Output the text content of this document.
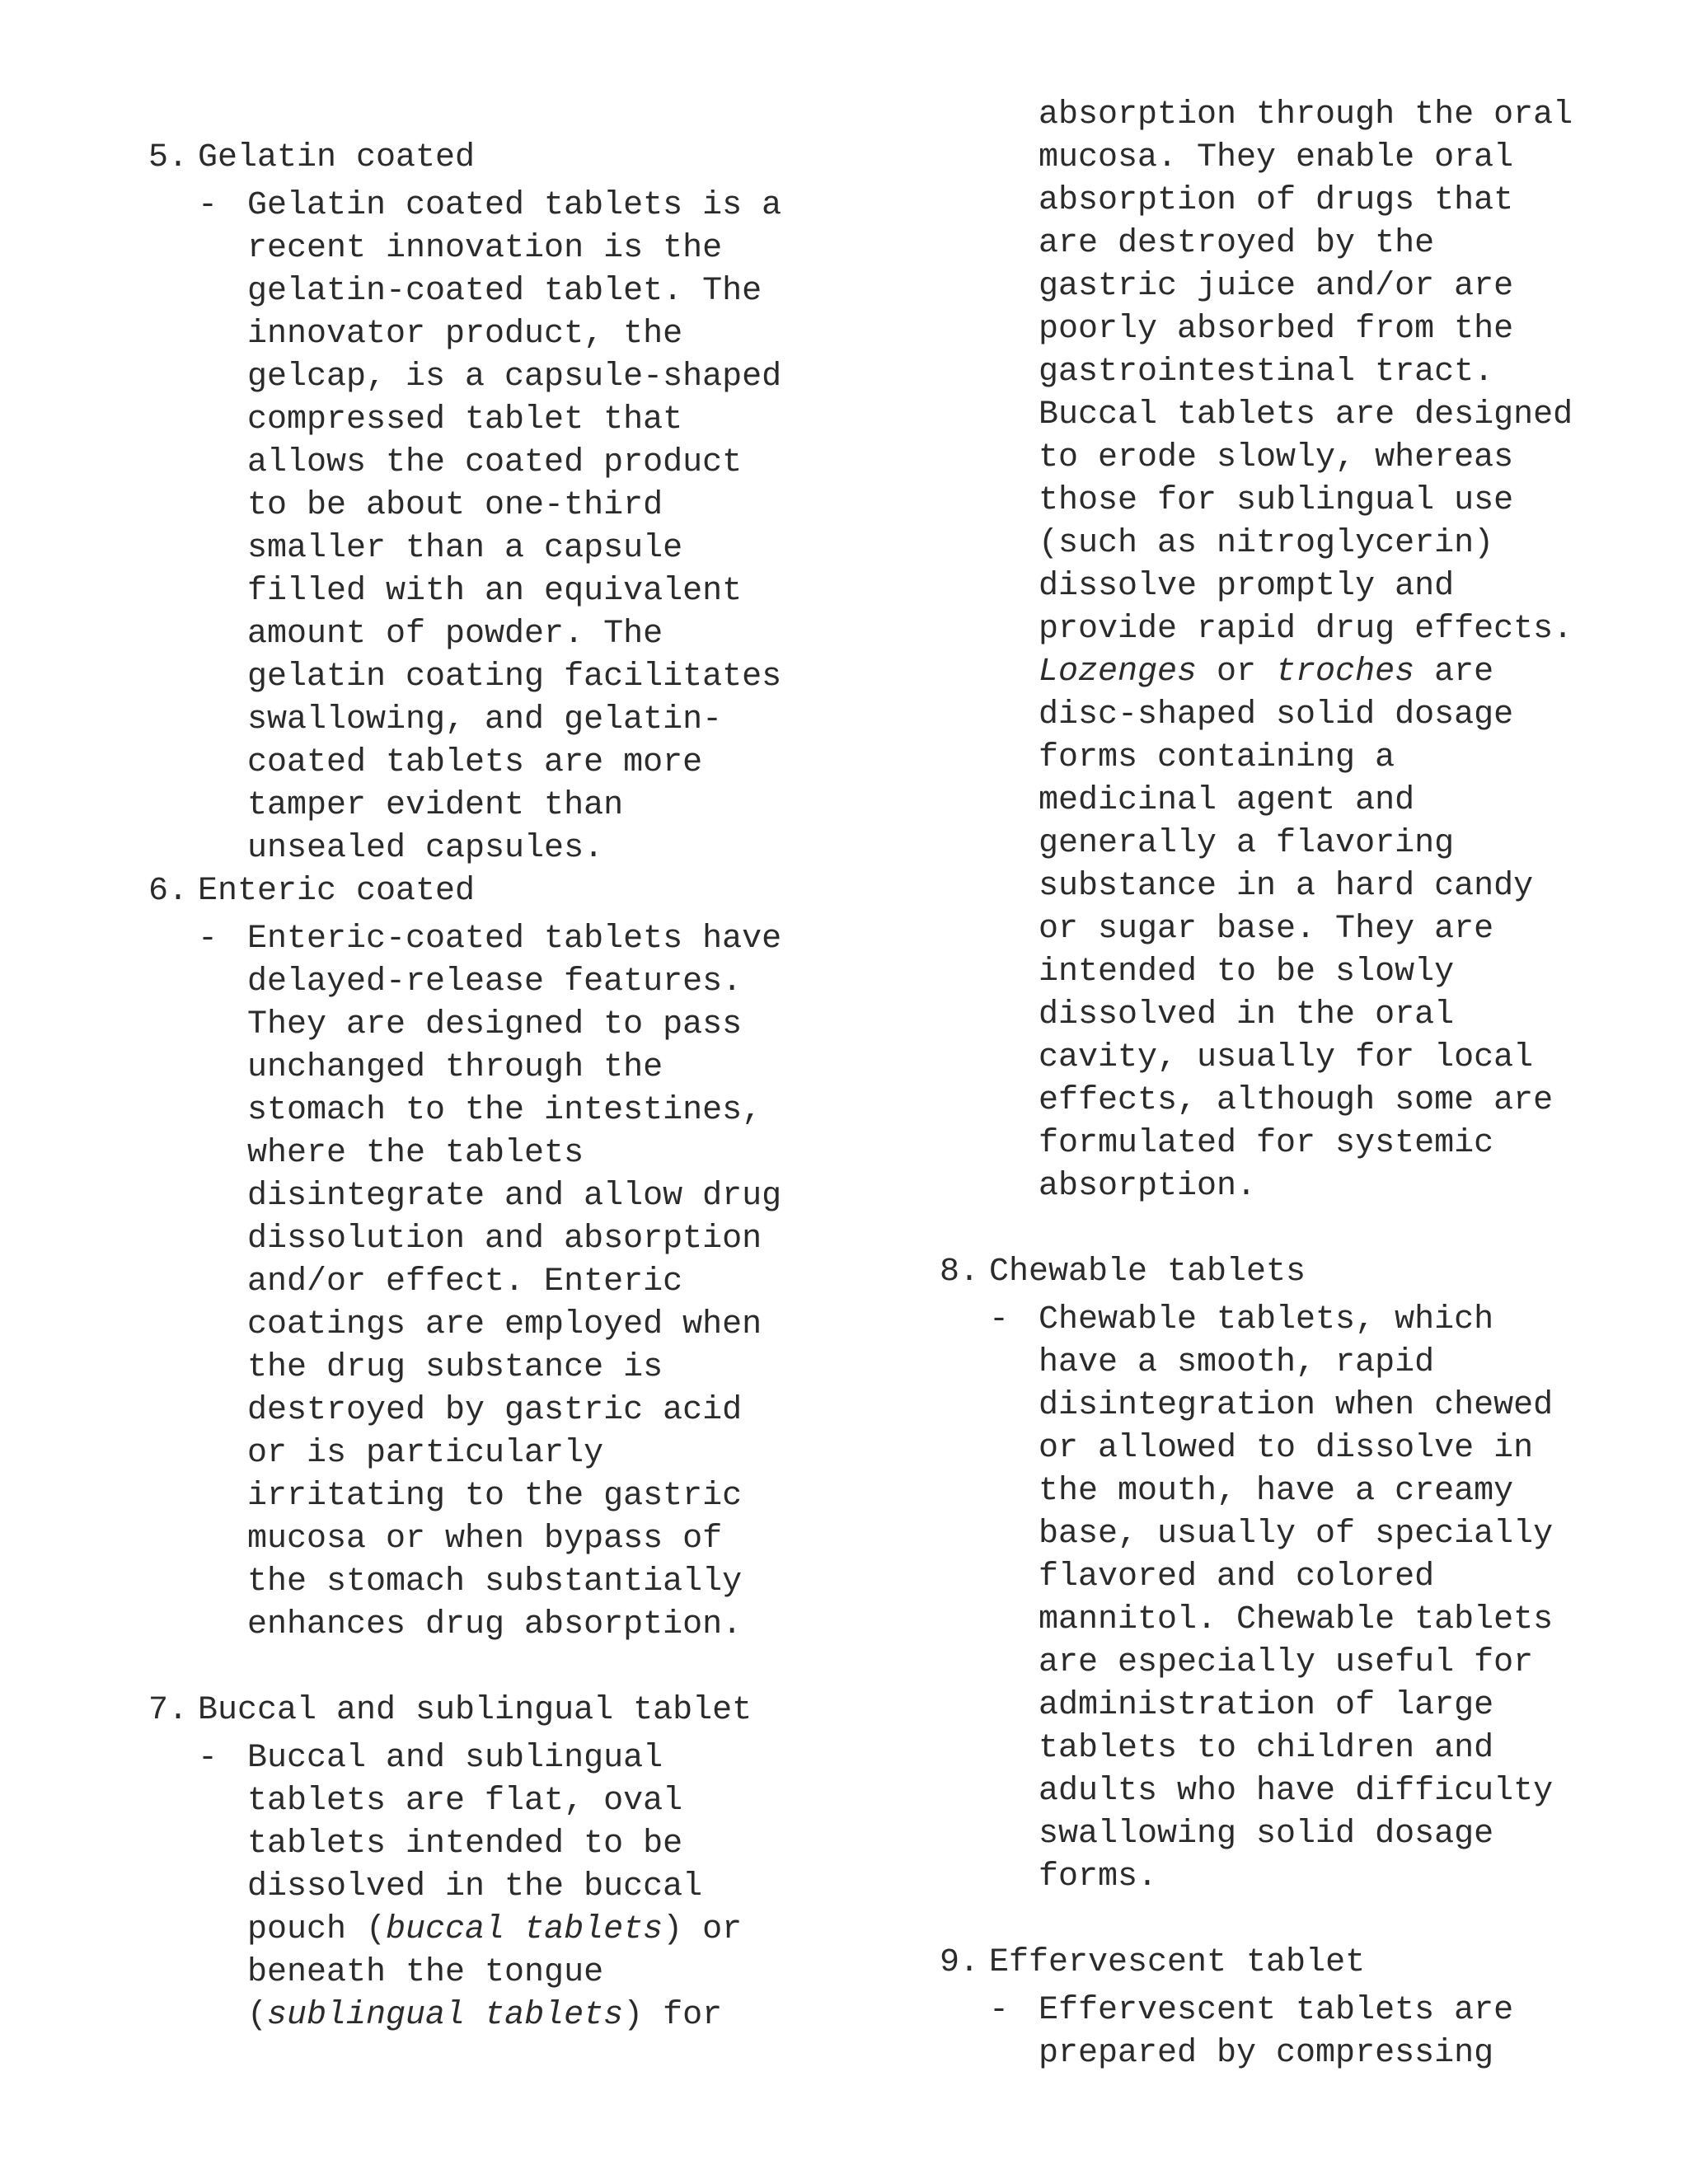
5. Gelatin coated
- Gelatin coated tablets is a
recent innovation is the
gelatin-coated tablet. The
innovator product, the
gelcap, is a capsule-shaped
compressed tablet that
allows the coated product
to be about one-third
smaller than a capsule
filled with an equivalent
amount of powder. The
gelatin coating facilitates
swallowing, and gelatin-
coated tablets are more
tamper evident than
unsealed capsules.
6. Enteric coated
- Enteric-coated tablets have
delayed-release features.
They are designed to pass
unchanged through the
stomach to the intestines,
where the tablets
disintegrate and allow drug
dissolution and absorption
and/or effect. Enteric
coatings are employed when
the drug substance is
destroyed by gastric acid
or is particularly
irritating to the gastric
mucosa or when bypass of
the stomach substantially
enhances drug absorption.
7. Buccal and sublingual tablet
- Buccal and sublingual
tablets are flat, oval
tablets intended to be
dissolved in the buccal
pouch (buccal tablets) or
beneath the tongue
(sublingual tablets) for
absorption through the oral
mucosa. They enable oral
absorption of drugs that
are destroyed by the
gastric juice and/or are
poorly absorbed from the
gastrointestinal tract.
Buccal tablets are designed
to erode slowly, whereas
those for sublingual use
(such as nitroglycerin)
dissolve promptly and
provide rapid drug effects.
Lozenges or troches are
disc-shaped solid dosage
forms containing a
medicinal agent and
generally a flavoring
substance in a hard candy
or sugar base. They are
intended to be slowly
dissolved in the oral
cavity, usually for local
effects, although some are
formulated for systemic
absorption.
8. Chewable tablets
- Chewable tablets, which
have a smooth, rapid
disintegration when chewed
or allowed to dissolve in
the mouth, have a creamy
base, usually of specially
flavored and colored
mannitol. Chewable tablets
are especially useful for
administration of large
tablets to children and
adults who have difficulty
swallowing solid dosage
forms.
9. Effervescent tablet
- Effervescent tablets are
prepared by compressing
